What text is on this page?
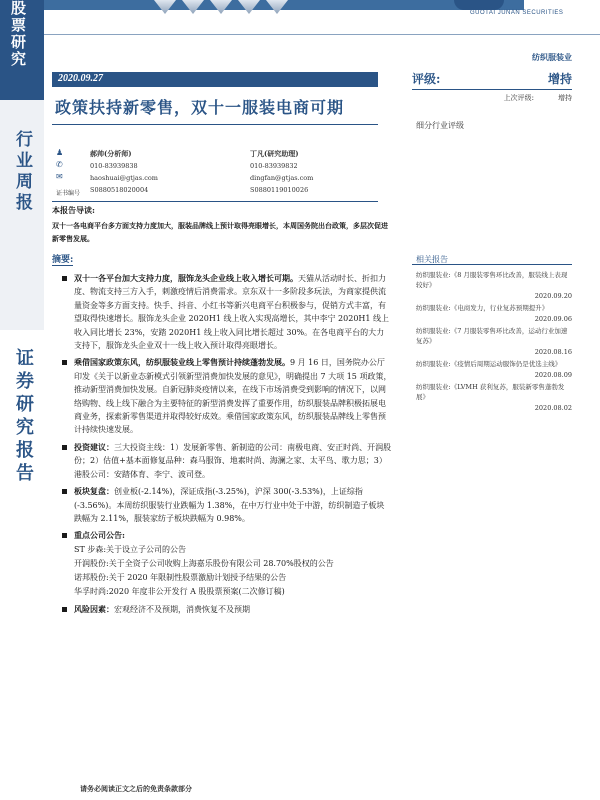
股票研究
行业周报
证券研究报告
GUOTAI JUNAN SECURITIES
纺织服装业
2020.09.27
政策扶持新零售，双十一服装电商可期
评级:	增持
上次评级:	增持
细分行业评级
相关报告
纺织服装业:《8 月服装零售环比改善，服装线上表现较好》
2020.09.20
纺织服装业:《电商发力，行业复苏预期提升》
2020.09.06
纺织服装业:《7 月服装零售环比改善，运动行业加速复苏》
2020.08.16
纺织服装业:《疫情后周期运动服饰仍是优选主线》
2020.08.09
纺织服装业:《LVMH 获利复苏，服装新零售蓬勃发展》
2020.08.02
♟
✆
✉
证书编号
郝帅(分析师)
010-83939838
haoshuai@gtjas.com
S0880518020004
丁凡(研究助理)
010-83939832
dingfan@gtjas.com
S0880119010026
本报告导读:
双十一各电商平台多方面支持力度加大，服装品牌线上预计取得亮眼增长，本周国务院出台政策，多层次促进新零售发展。
摘要:
双十一各平台加大支持力度，服饰龙头企业线上收入增长可期。天猫从活动时长、折扣力度、物流支持三方入手，刺激疫情后消费需求。京东双十一多阶段多玩法，为商家提供流量资金等多方面支持。快手、抖音、小红书等新兴电商平台积极参与，促销方式丰富，有望取得快速增长。服饰龙头企业 2020H1 线上收入实现高增长，其中李宁 2020H1 线上收入同比增长 23%，安踏 2020H1 线上收入同比增长超过 30%。在各电商平台的大力支持下，服饰龙头企业双十一线上收入预计取得亮眼增长。
乘借国家政策东风，纺织服装业线上零售预计持续蓬勃发展。9 月 16 日，国务院办公厅印发《关于以新业态新模式引领新型消费加快发展的意见》，明确提出 7 大项 15 项政策，推动新型消费加快发展。自新冠肺炎疫情以来，在线下市场消费受到影响的情况下，以网络购物、线上线下融合为主要特征的新型消费发挥了重要作用，纺织服装品牌积极拓展电商业务，探索新零售渠道并取得较好成效。乘借国家政策东风，纺织服装品牌线上零售预计持续快速发展。
投资建议：三大投资主线：1）发展新零售、新制造的公司：南极电商、安正时尚、开润股份；2）估值+基本面修复品种：森马服饰、地素时尚、海澜之家、太平鸟、歌力思；3）港股公司：安踏体育、李宁、波司登。
板块复盘：创业板(-2.14%)，深证成指(-3.25%)，沪深 300(-3.53%)，上证综指(-3.56%)。本周纺织服装行业跌幅为 1.38%，在中万行业中处于中游，纺织制造子板块跌幅为 2.11%，服装家纺子板块跌幅为 0.98%。
重点公司公告:
ST 步森:关于设立子公司的公告
开润股份:关于全资子公司收购上海嘉乐股份有限公司 28.70%股权的公告
诺邦股份:关于 2020 年限制性股票激励计划授予结果的公告
华孚时尚:2020 年度非公开发行 A 股股票预案(二次修订稿)
风险因素：宏观经济不及预期，消费恢复不及预期
请务必阅读正文之后的免责条款部分
